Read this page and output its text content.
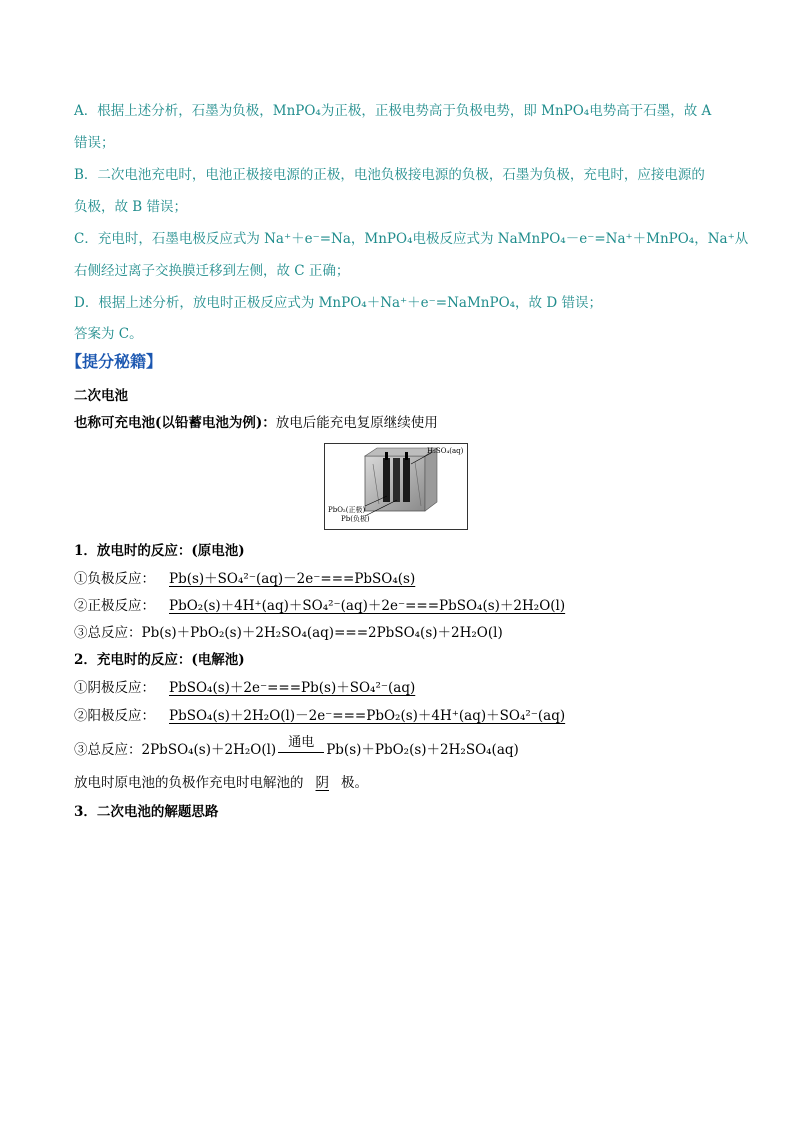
A．根据上述分析，石墨为负极，MnPO₄为正极，正极电势高于负极电势，即 MnPO₄电势高于石墨，故 A
错误；
B．二次电池充电时，电池正极接电源的正极，电池负极接电源的负极，石墨为负极，充电时，应接电源的
负极，故 B 错误；
C．充电时，石墨电极反应式为 Na⁺＋e⁻=Na，MnPO₄电极反应式为 NaMnPO₄－e⁻=Na⁺＋MnPO₄，Na⁺从
右侧经过离子交换膜迁移到左侧，故 C 正确；
D．根据上述分析，放电时正极反应式为 MnPO₄＋Na⁺＋e⁻=NaMnPO₄，故 D 错误；
答案为 C。
【提分秘籍】
二次电池
也称可充电池(以铅蓄电池为例)：放电后能充电复原继续使用
H₂SO₄(aq)
PbO₂(正极)
Pb(负极)
1．放电时的反应：(原电池)
①负极反应： Pb(s)＋SO₄²⁻(aq)－2e⁻===PbSO₄(s)
②正极反应： PbO₂(s)＋4H⁺(aq)＋SO₄²⁻(aq)＋2e⁻===PbSO₄(s)＋2H₂O(l)
③总反应：Pb(s)＋PbO₂(s)＋2H₂SO₄(aq)===2PbSO₄(s)＋2H₂O(l)
2．充电时的反应：(电解池)
①阴极反应： PbSO₄(s)＋2e⁻===Pb(s)＋SO₄²⁻(aq)
②阳极反应： PbSO₄(s)＋2H₂O(l)－2e⁻===PbO₂(s)＋4H⁺(aq)＋SO₄²⁻(aq)
③总反应：2PbSO₄(s)＋2H₂O(l) 通电 Pb(s)＋PbO₂(s)＋2H₂SO₄(aq)
放电时原电池的负极作充电时电解池的 阴 极。
3．二次电池的解题思路
